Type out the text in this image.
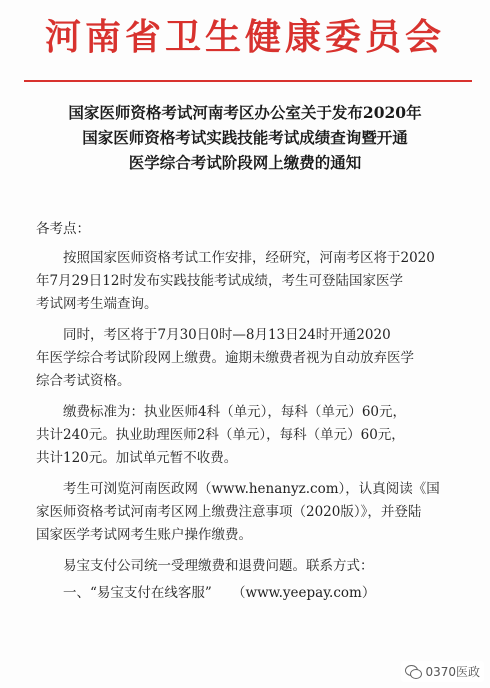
河南省卫生健康委员会
国家医师资格考试河南考区办公室关于发布2020年
国家医师资格考试实践技能考试成绩查询暨开通
医学综合考试阶段网上缴费的通知
各考点：
按照国家医师资格考试工作安排，经研究，河南考区将于2020
年7月29日12时发布实践技能考试成绩，考生可登陆国家医学
考试网考生端查询。
同时，考区将于7月30日0时—8月13日24时开通2020
年医学综合考试阶段网上缴费。逾期未缴费者视为自动放弃医学
综合考试资格。
缴费标准为：执业医师4科（单元），每科（单元）60元，
共计240元。执业助理医师2科（单元），每科（单元）60元，
共计120元。加试单元暂不收费。
考生可浏览河南医政网（www.henanyz.com），认真阅读《国
家医师资格考试河南考区网上缴费注意事项（2020版）》，并登陆
国家医学考试网考生账户操作缴费。
易宝支付公司统一受理缴费和退费问题。联系方式：
一、“易宝支付在线客服”　　（www.yeepay.com）
0370医政
